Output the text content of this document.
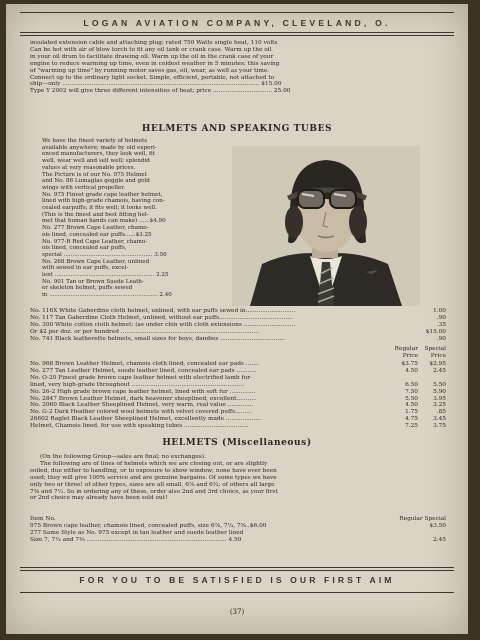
LOGAN AVIATION COMPANY, CLEVELAND, O.
insulated extension cable and attaching plug; rated 750 Watts single heat, 110 volts
Can be hot with air of blow torch to fit any oil tank or crank case. Warm up the oil
in your oil drum to facilitate drawing oil. Warm up the oil in the crank case of your
engine to reduce warming up time, even in coldest weather in 5 minutes; this saving
of "warming up time" by running motor saves gas, oil, wear, as well as your time.
Connect up to the ordinary light socket. Simple, efficient, portable, not attached to
ship—only ........................................................................................................... $15.00
Type Y 2002 will give three different intensities of heat; price ................................ 25.00
HELMETS AND SPEAKING TUBES
We have the finest variety of helmets
available anywhere; made by old experi-
enced manufacturers, they look well, fit
well, wear well and sell well; splendid
values at very reasonable prices.
The Picture is of our No. 975 Helmet
and No. 86 Lumaglas goggle and gold
wings with vertical propeller.
No. 975 Finest grade cape leather helmet,
lined with high-grade chamois, having con-
cealed earpuffs; it fits well; it looks well.
(This is the finest and best fitting hel-
met that human hands can make) ......$4.90
No. 277 Brown Cape Leather, chamo-
ois lined, concealed ear puffs......$3.25
No. 977-R Red Cape Leather, chamo-
ois lined, concealed ear puffs,
special .................................................. 3.50
No. 268 Brown Cape Leather, unlined
with sewed in ear puffs, excel-
lent ........................................................ 2.25
No. 901 Tan or Brown Suede Leath-
er skeleton helmet, puffs sewed
in ............................................................. 2.40
No. 116X White Gaberdine cloth helmet, unlined, with ear puffs sewed in...........................	1.00
No. 117 Tan Gaberdine Cloth Helmet, unlined, without ear puffs........................................	.90
No. 300 White cotton cloth helmet; (as under chin with cloth extensions ............................	.35
Or $2 per doz. or per hundred ...........................................................................	$15.00
No. 741 Black leatherette helmets, small sizes for boys, dandies ...................................	.90
Regular	Special
Price	Price
No. 968 Brown Leather Helmet, chamois cloth lined, concealed ear pads .......	$3.75	$2.95
No. 277 Tan Leather Helmet, suede leather lined, concealed ear pads ...........	4.50	2.45
No. O-20 Finest grade brown cape leather helmet with electrified lamb fur-
lined, very high-grade throughout .............................................................	6.50	5.50
No. 26-2 High grade brown cape leather helmet, lined with soft fur ..............	7.50	5.90
No. 2847 Brown Leather Helmet, dark heavener sheeplined, excellent...........	5.50	3.95
No. 2060 Black Leather Sheeplined Helmet, very warm, real value ..............	4.50	3.25
No. G-2 Dark Heather colored wool helmets with velvet covered puffs.........	1.75	.85
26602 Raglet Black Leather Sheeplined Helmet, excellently made ...................	4.75	3.45
Helmet, Chamois lined, for use with speaking tubes ...................................	7.25	3.75
HELMETS (Miscellaneous)
(On the following Group—sales are final; no exchanges).
The following are of lines of helmets which we are closing out, or are slightly
soiled, due either to handling, or to exposure to show window; none have ever been
used; they will give 100% service and are genuine bargains. Of some types we have
only two or three! of other types, sizes are all small, 6⅞ and 6¾; of others all large
7⅜ and 7½. So in ordering any of these, order also 2nd and 3rd choice, as your first
or 2nd choice may already have been sold out!
Item No.	Regular Special
975 Brown cape leather, chamois lined, concealed puffs, size 6⅞, 7¼, 7⅜..$6.00	$3.50
277 Same Style as No. 975 except in tan leather and suede leather lined
Size 7, 7¼ and 7⅜ ............................................................................ 4.50	2.45
FOR YOU TO BE SATISFIED IS OUR FIRST AIM
(37)
